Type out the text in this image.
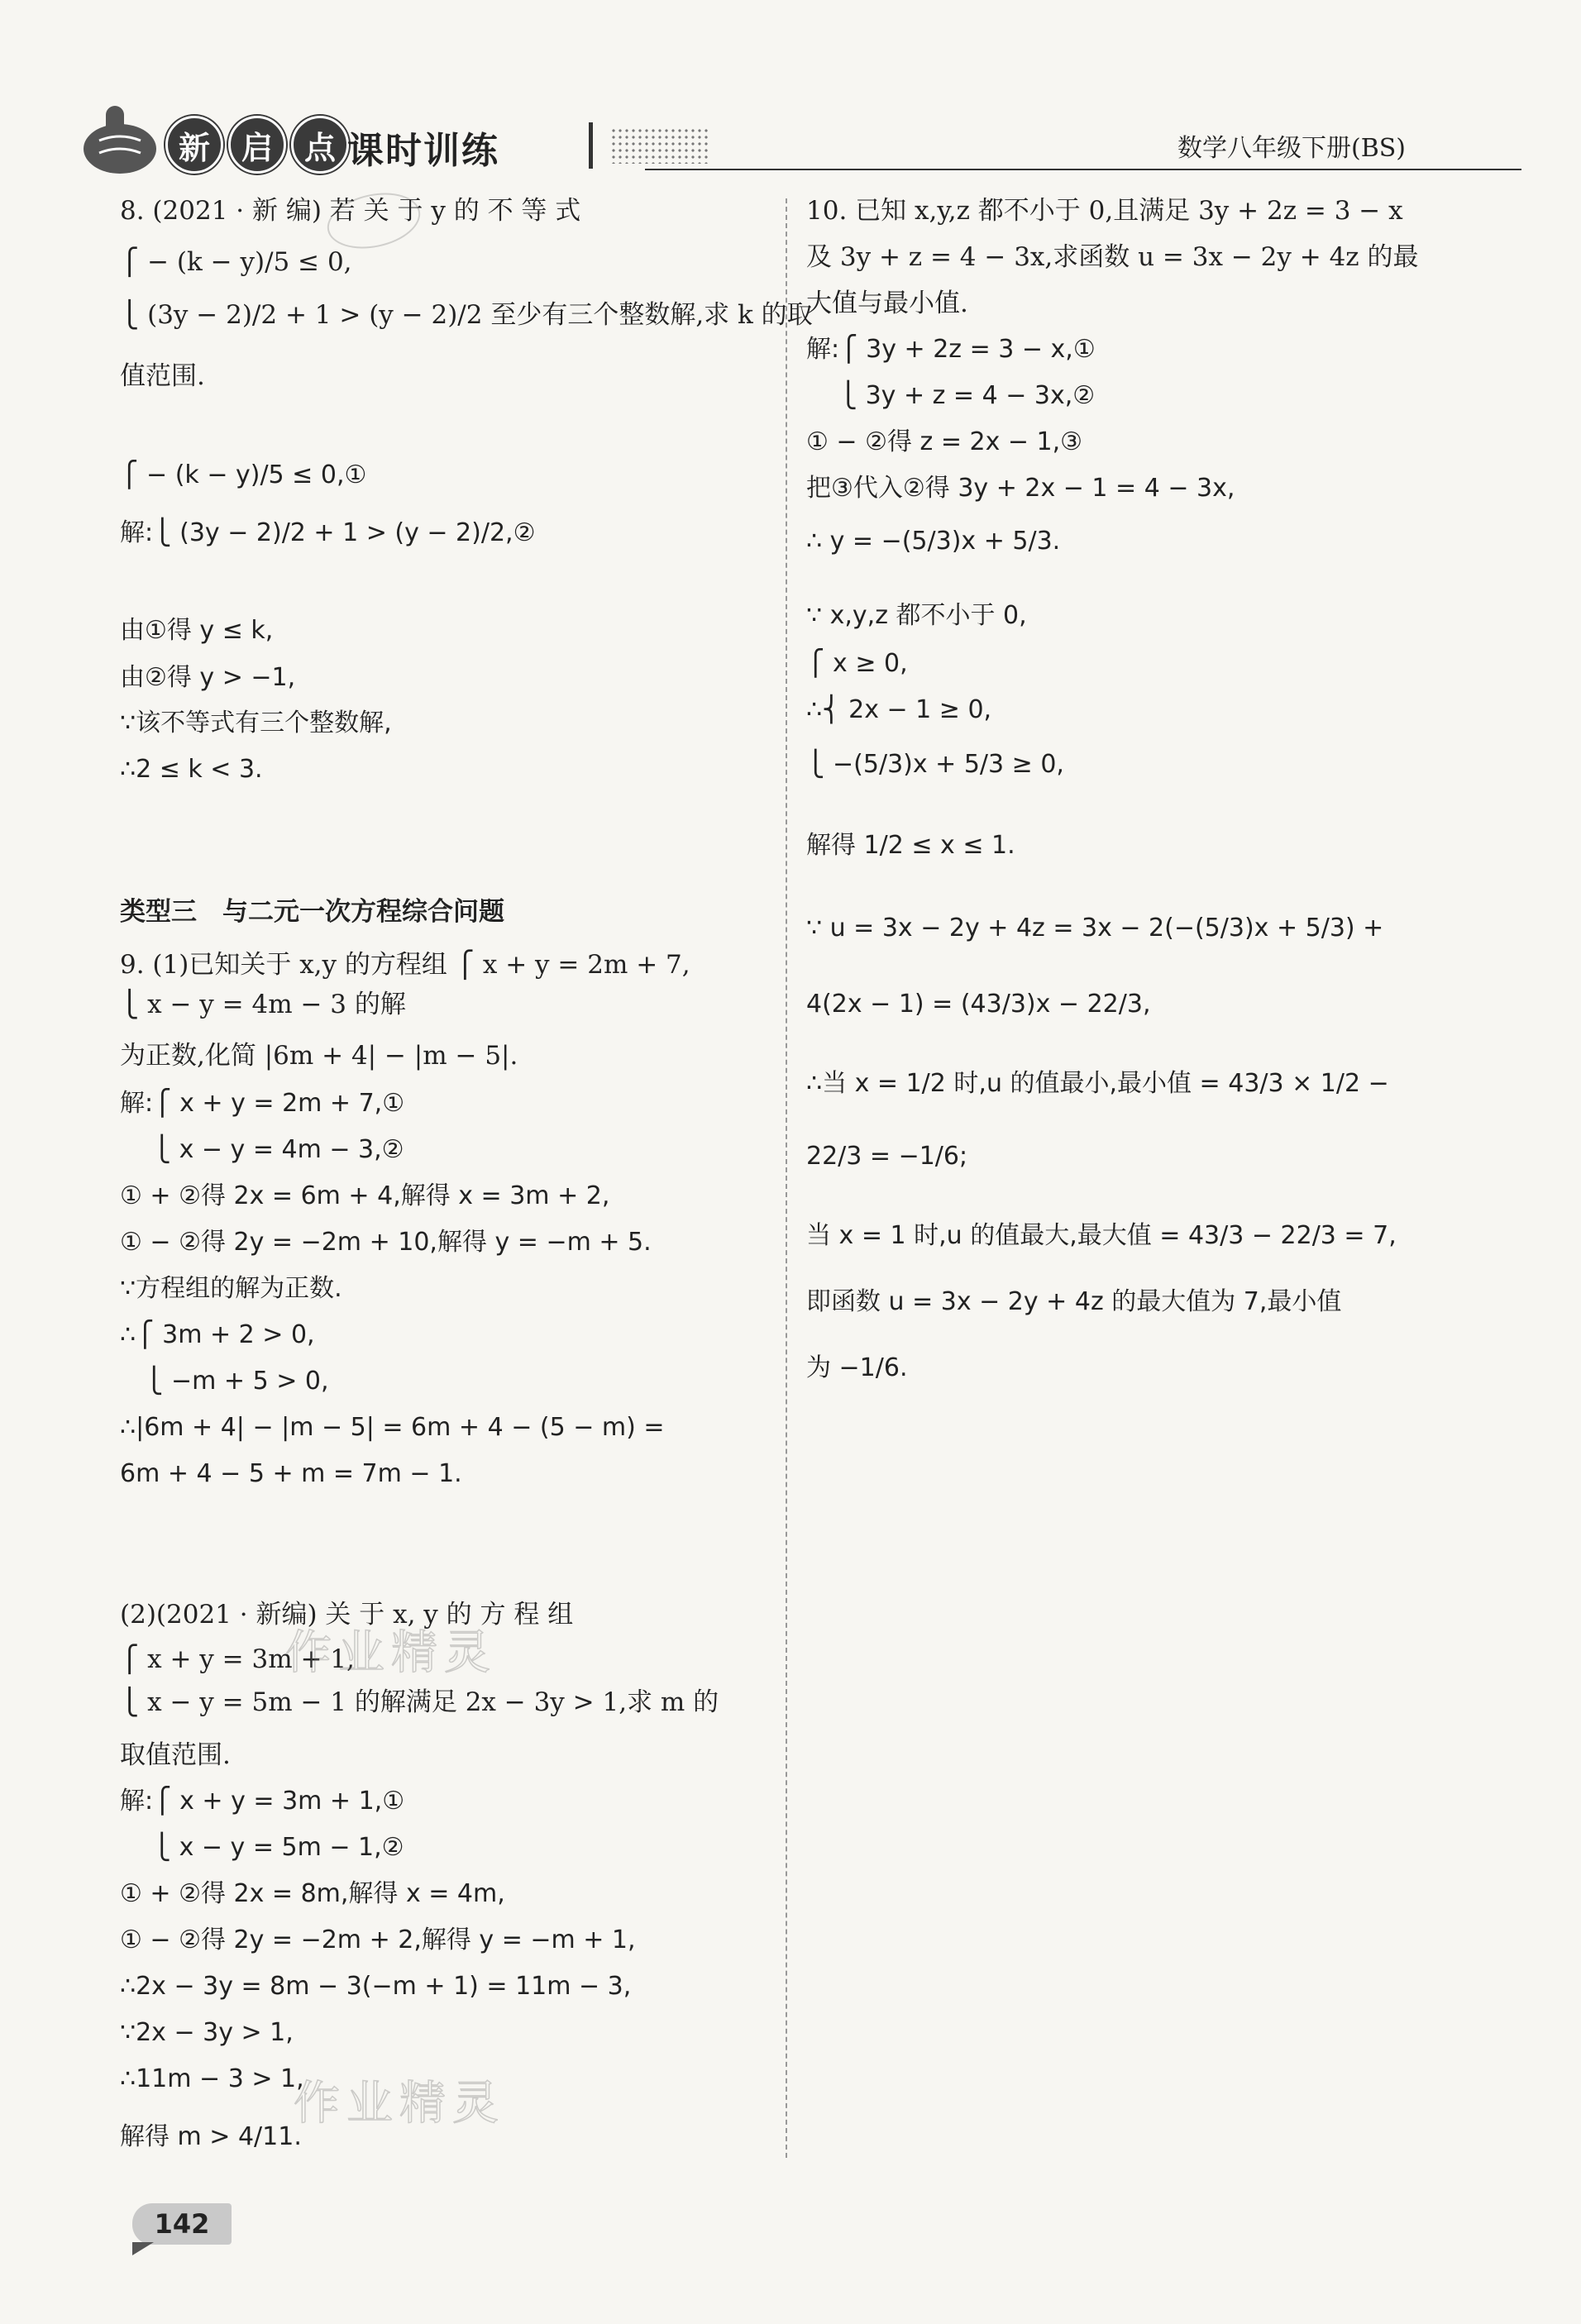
新 启 点 课时训练	数学八年级下册(BS)
8. (2021 · 新 编) 若 关 于 y 的 不 等 式
⎧ − (k − y)/5 ≤ 0,
⎩ (3y − 2)/2 + 1 > (y − 2)/2 至少有三个整数解,求 k 的取
值范围.
⎧ − (k − y)/5 ≤ 0,①
解:⎩ (3y − 2)/2 + 1 > (y − 2)/2,②
由①得 y ≤ k,
由②得 y > −1,
∵该不等式有三个整数解,
∴2 ≤ k < 3.
类型三　与二元一次方程综合问题
9. (1)已知关于 x,y 的方程组 ⎧ x + y = 2m + 7,
⎩ x − y = 4m − 3 的解
为正数,化简 |6m + 4| − |m − 5|.
解:⎧ x + y = 2m + 7,①
　 ⎩ x − y = 4m − 3,②
① + ②得 2x = 6m + 4,解得 x = 3m + 2,
① − ②得 2y = −2m + 10,解得 y = −m + 5.
∵方程组的解为正数.
∴⎧ 3m + 2 > 0,
　⎩ −m + 5 > 0,
∴|6m + 4| − |m − 5| = 6m + 4 − (5 − m) =
6m + 4 − 5 + m = 7m − 1.
(2)(2021 · 新编) 关 于 x, y 的 方 程 组
⎧ x + y = 3m + 1,
⎩ x − y = 5m − 1 的解满足 2x − 3y > 1,求 m 的
取值范围.
解:⎧ x + y = 3m + 1,①
　 ⎩ x − y = 5m − 1,②
① + ②得 2x = 8m,解得 x = 4m,
① − ②得 2y = −2m + 2,解得 y = −m + 1,
∴2x − 3y = 8m − 3(−m + 1) = 11m − 3,
∵2x − 3y > 1,
∴11m − 3 > 1,
解得 m > 4/11.
作业精灵
作业精灵
10. 已知 x,y,z 都不小于 0,且满足 3y + 2z = 3 − x
及 3y + z = 4 − 3x,求函数 u = 3x − 2y + 4z 的最
大值与最小值.
解:⎧ 3y + 2z = 3 − x,①
　 ⎩ 3y + z = 4 − 3x,②
① − ②得 z = 2x − 1,③
把③代入②得 3y + 2x − 1 = 4 − 3x,
∴ y = −(5/3)x + 5/3.
∵ x,y,z 都不小于 0,
⎧ x ≥ 0,
∴⎨ 2x − 1 ≥ 0,
⎩ −(5/3)x + 5/3 ≥ 0,
解得 1/2 ≤ x ≤ 1.
∵ u = 3x − 2y + 4z = 3x − 2(−(5/3)x + 5/3) +
4(2x − 1) = (43/3)x − 22/3,
∴当 x = 1/2 时,u 的值最小,最小值 = 43/3 × 1/2 −
22/3 = −1/6;
当 x = 1 时,u 的值最大,最大值 = 43/3 − 22/3 = 7,
即函数 u = 3x − 2y + 4z 的最大值为 7,最小值
为 −1/6.
142
